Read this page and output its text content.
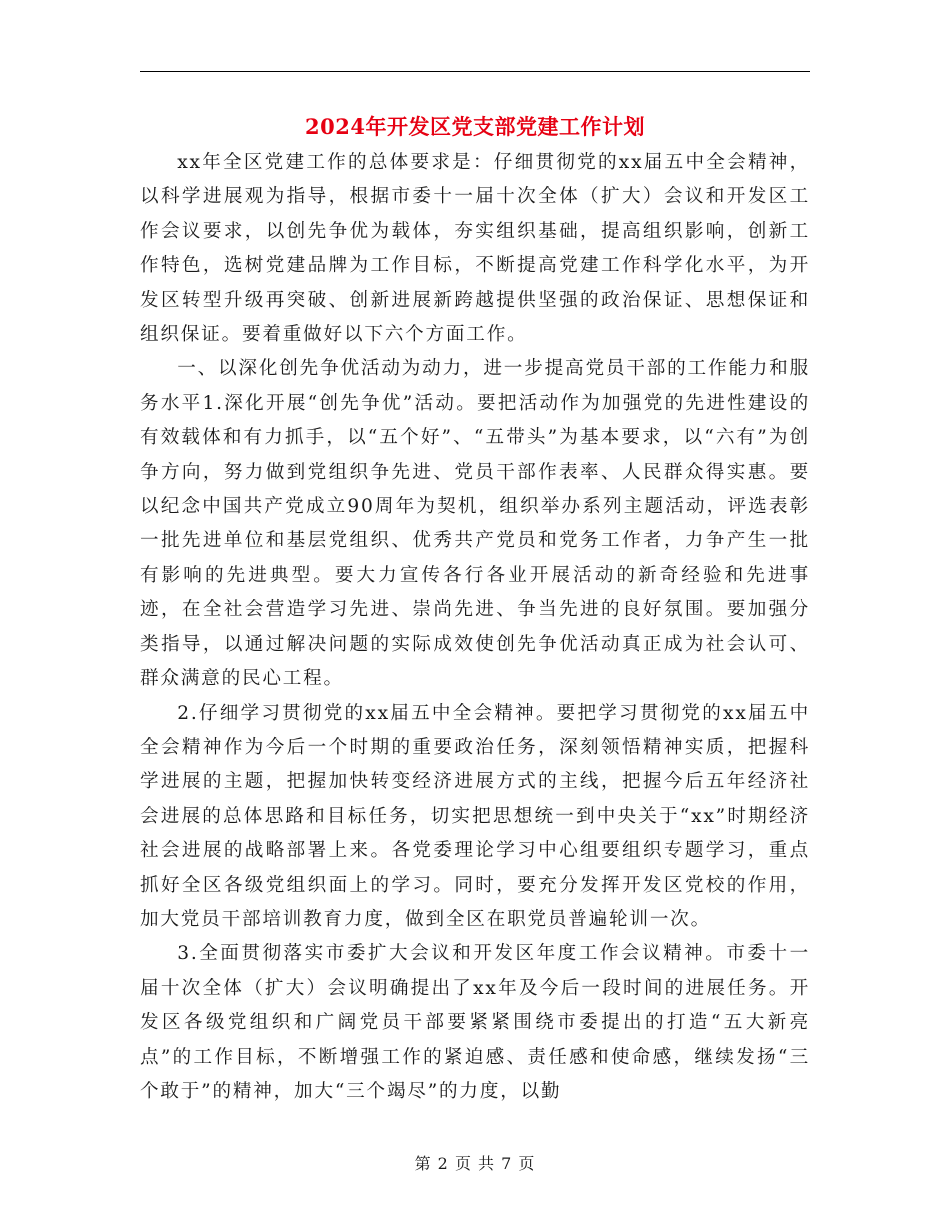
2024年开发区党支部党建工作计划

xx年全区党建工作的总体要求是：仔细贯彻党的xx届五中全会精神，以科学进展观为指导，根据市委十一届十次全体（扩大）会议和开发区工作会议要求，以创先争优为载体，夯实组织基础，提高组织影响，创新工作特色，选树党建品牌为工作目标，不断提高党建工作科学化水平，为开发区转型升级再突破、创新进展新跨越提供坚强的政治保证、思想保证和组织保证。要着重做好以下六个方面工作。

一、以深化创先争优活动为动力，进一步提高党员干部的工作能力和服务水平1.深化开展“创先争优”活动。要把活动作为加强党的先进性建设的有效载体和有力抓手，以“五个好”、“五带头”为基本要求，以“六有”为创争方向，努力做到党组织争先进、党员干部作表率、人民群众得实惠。要以纪念中国共产党成立90周年为契机，组织举办系列主题活动，评选表彰一批先进单位和基层党组织、优秀共产党员和党务工作者，力争产生一批有影响的先进典型。要大力宣传各行各业开展活动的新奇经验和先进事迹，在全社会营造学习先进、崇尚先进、争当先进的良好氛围。要加强分类指导，以通过解决问题的实际成效使创先争优活动真正成为社会认可、群众满意的民心工程。

2.仔细学习贯彻党的xx届五中全会精神。要把学习贯彻党的xx届五中全会精神作为今后一个时期的重要政治任务，深刻领悟精神实质，把握科学进展的主题，把握加快转变经济进展方式的主线，把握今后五年经济社会进展的总体思路和目标任务，切实把思想统一到中央关于“xx”时期经济社会进展的战略部署上来。各党委理论学习中心组要组织专题学习，重点抓好全区各级党组织面上的学习。同时，要充分发挥开发区党校的作用，加大党员干部培训教育力度，做到全区在职党员普遍轮训一次。

3.全面贯彻落实市委扩大会议和开发区年度工作会议精神。市委十一届十次全体（扩大）会议明确提出了xx年及今后一段时间的进展任务。开发区各级党组织和广阔党员干部要紧紧围绕市委提出的打造“五大新亮点”的工作目标，不断增强工作的紧迫感、责任感和使命感，继续发扬“三个敢于”的精神，加大“三个竭尽”的力度，以勤

第 2 页 共 7 页
